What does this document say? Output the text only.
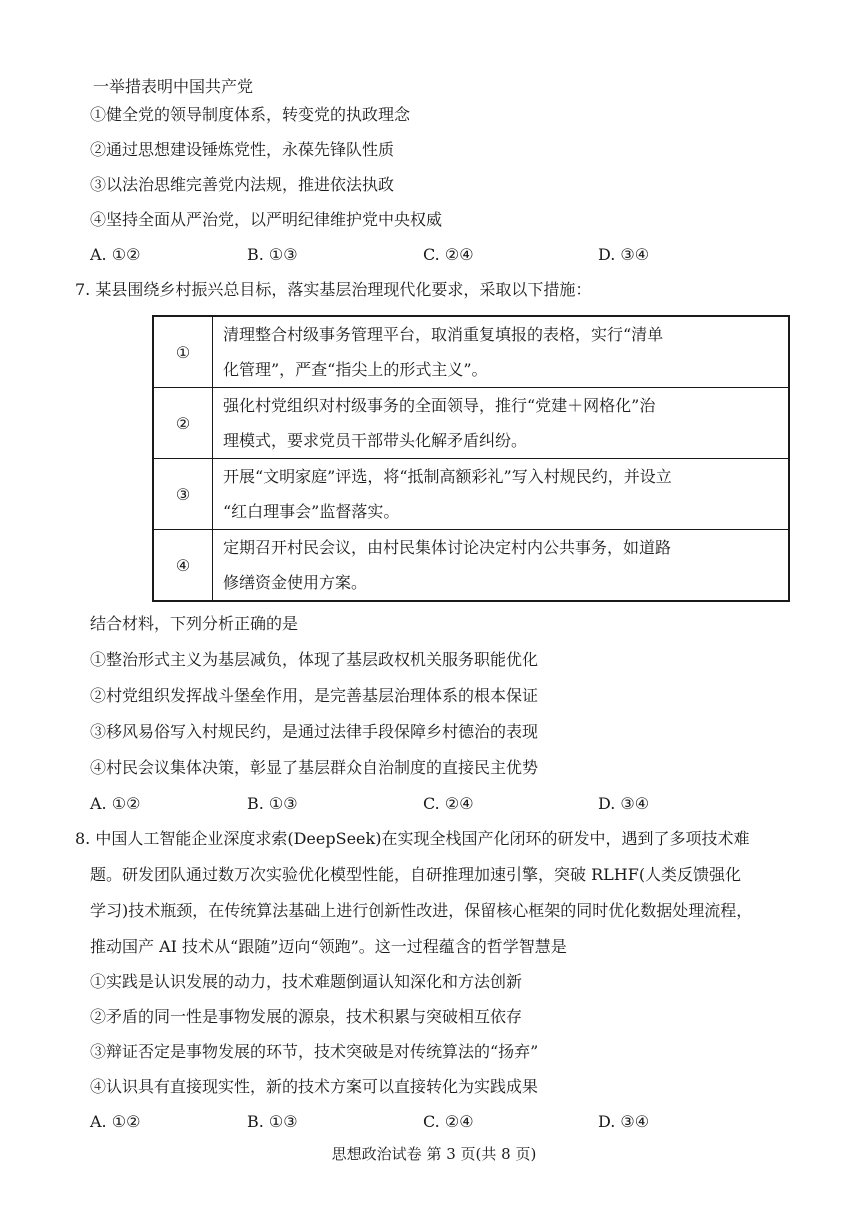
一举措表明中国共产党
①健全党的领导制度体系，转变党的执政理念
②通过思想建设锤炼党性，永葆先锋队性质
③以法治思维完善党内法规，推进依法执政
④坚持全面从严治党，以严明纪律维护党中央权威
A. ①②	B. ①③	C. ②④	D. ③④
7. 某县围绕乡村振兴总目标，落实基层治理现代化要求，采取以下措施：
①	清理整合村级事务管理平台，取消重复填报的表格，实行“清单
化管理”，严查“指尖上的形式主义”。

②	强化村党组织对村级事务的全面领导，推行“党建＋网格化”治
理模式，要求党员干部带头化解矛盾纠纷。

③	开展“文明家庭”评选，将“抵制高额彩礼”写入村规民约，并设立
“红白理事会”监督落实。

④	定期召开村民会议，由村民集体讨论决定村内公共事务，如道路
修缮资金使用方案。
结合材料，下列分析正确的是
①整治形式主义为基层减负，体现了基层政权机关服务职能优化
②村党组织发挥战斗堡垒作用，是完善基层治理体系的根本保证
③移风易俗写入村规民约，是通过法律手段保障乡村德治的表现
④村民会议集体决策，彰显了基层群众自治制度的直接民主优势
A. ①②	B. ①③	C. ②④	D. ③④
8. 中国人工智能企业深度求索(DeepSeek)在实现全栈国产化闭环的研发中，遇到了多项技术难
题。研发团队通过数万次实验优化模型性能，自研推理加速引擎，突破 RLHF(人类反馈强化
学习)技术瓶颈，在传统算法基础上进行创新性改进，保留核心框架的同时优化数据处理流程，
推动国产 AI 技术从“跟随”迈向“领跑”。这一过程蕴含的哲学智慧是
①实践是认识发展的动力，技术难题倒逼认知深化和方法创新
②矛盾的同一性是事物发展的源泉，技术积累与突破相互依存
③辩证否定是事物发展的环节，技术突破是对传统算法的“扬弃”
④认识具有直接现实性，新的技术方案可以直接转化为实践成果
A. ①②	B. ①③	C. ②④	D. ③④
思想政治试卷 第 3 页(共 8 页)
